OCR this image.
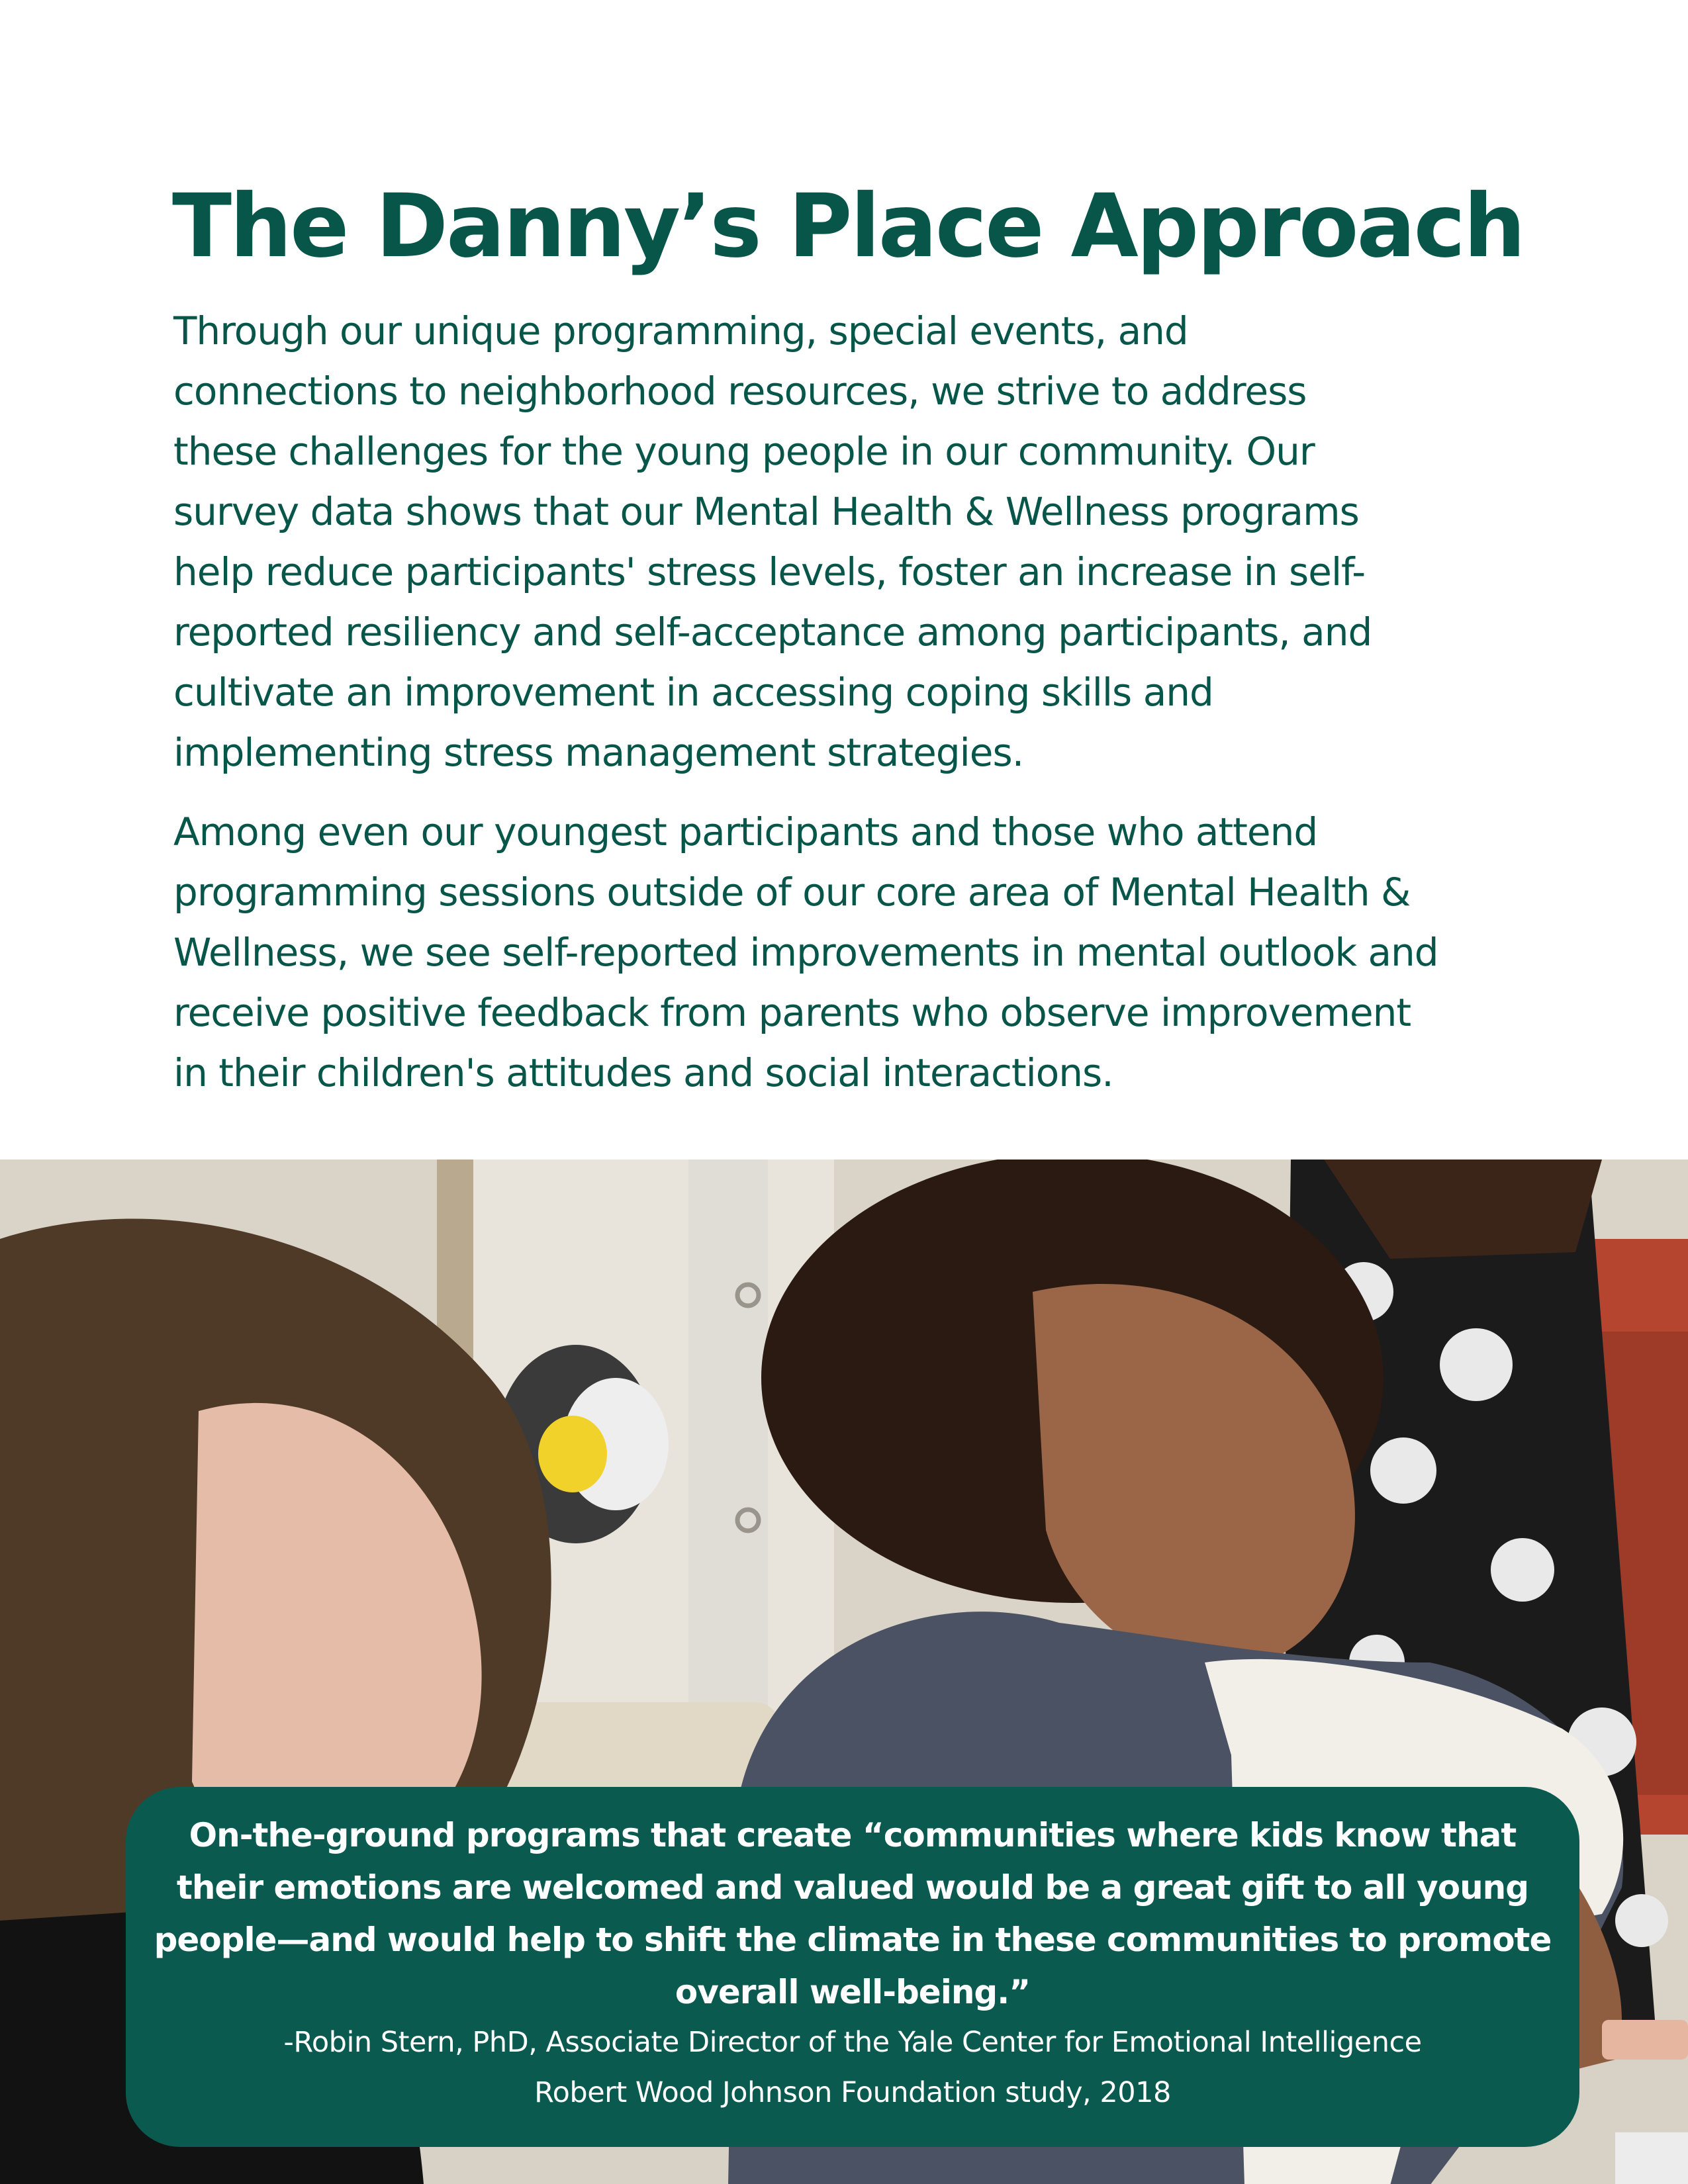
The Danny’s Place Approach
Through our unique programming, special events, and
connections to neighborhood resources, we strive to address
these challenges for the young people in our community. Our
survey data shows that our Mental Health & Wellness programs
help reduce participants' stress levels, foster an increase in self-
reported resiliency and self-acceptance among participants, and
cultivate an improvement in accessing coping skills and
implementing stress management strategies.
Among even our youngest participants and those who attend
programming sessions outside of our core area of Mental Health &
Wellness, we see self-reported improvements in mental outlook and
receive positive feedback from parents who observe improvement
in their children's attitudes and social interactions.
On-the-ground programs that create “communities where kids know that
their emotions are welcomed and valued would be a great gift to all young
people—and would help to shift the climate in these communities to promote
overall well-being.”
-Robin Stern, PhD, Associate Director of the Yale Center for Emotional Intelligence
Robert Wood Johnson Foundation study, 2018
